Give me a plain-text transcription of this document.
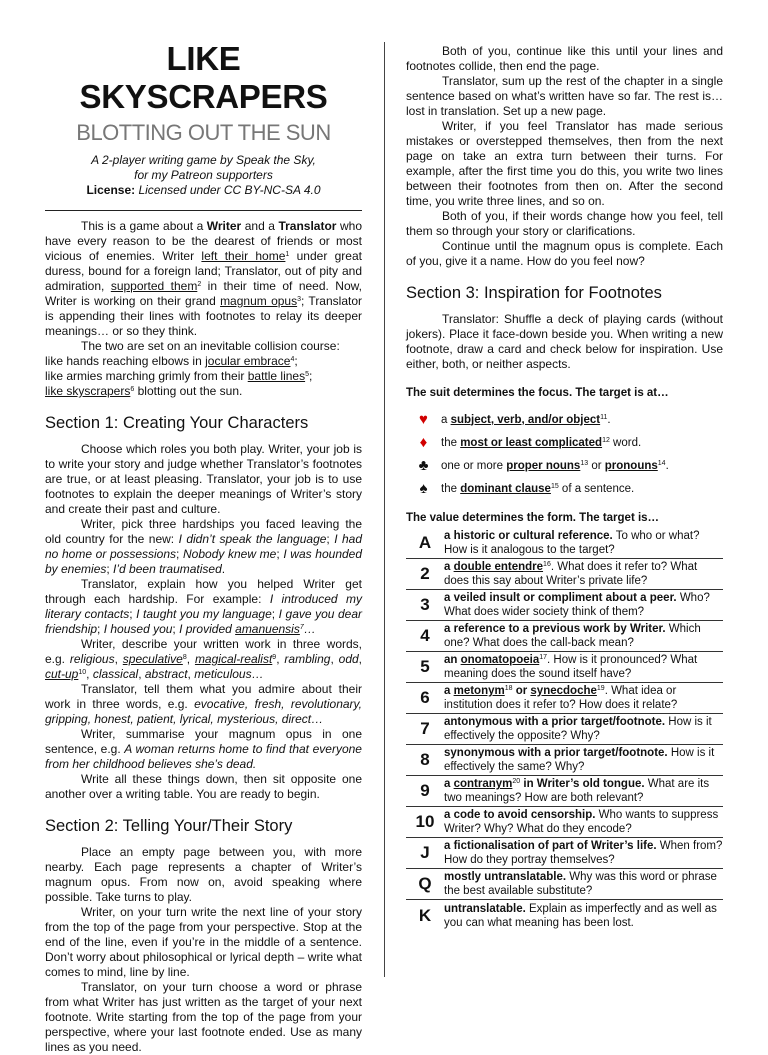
LIKE SKYSCRAPERS
BLOTTING OUT THE SUN
A 2-player writing game by Speak the Sky,
for my Patreon supporters
License: Licensed under CC BY-NC-SA 4.0

This is a game about a Writer and a Translator who have every reason to be the dearest of friends or most vicious of enemies. Writer left their home$^1$ under great duress, bound for a foreign land; Translator, out of pity and admiration, supported them$^2$ in their time of need. Now, Writer is working on their grand magnum opus$^3$; Translator is appending their lines with footnotes to relay its deeper meanings… or so they think.

The two are set on an inevitable collision course:

like hands reaching elbows in jocular embrace$^4$;

like armies marching grimly from their battle lines$^5$;

like skyscrapers$^6$ blotting out the sun.

Section 1: Creating Your Characters

Choose which roles you both play. Writer, your job is to write your story and judge whether Translator’s footnotes are true, or at least pleasing. Translator, your job is to use footnotes to explain the deeper meanings of Writer’s story and create their past and culture.

Writer, pick three hardships you faced leaving the old country for the new: I didn’t speak the language; I had no home or possessions; Nobody knew me; I was hounded by enemies; I’d been traumatised.

Translator, explain how you helped Writer get through each hardship. For example: I introduced my literary contacts; I taught you my language; I gave you dear friendship; I housed you; I provided amanuensis$^7$…

Writer, describe your written work in three words, e.g. religious, speculative$^8$, magical-realist$^9$, rambling, odd, cut-$up^{10}$, classical, abstract, meticulous…

Translator, tell them what you admire about their work in three words, e.g. evocative, fresh, revolutionary, gripping, honest, patient, lyrical, mysterious, direct…

Writer, summarise your magnum opus in one sentence, e.g. A woman returns home to find that everyone from her childhood believes she’s dead.

Write all these things down, then sit opposite one another over a writing table. You are ready to begin.

Section 2: Telling Your/Their Story

Place an empty page between you, with more nearby. Each page represents a chapter of Writer’s magnum opus. From now on, avoid speaking where possible. Take turns to play.

Writer, on your turn write the next line of your story from the top of the page from your perspective. Stop at the end of the line, even if you’re in the middle of a sentence. Don’t worry about philosophical or lyrical depth – write what comes to mind, line by line.

Translator, on your turn choose a word or phrase from what Writer has just written as the target of your next footnote. Write starting from the top of the page from your perspective, where your last footnote ended. Use as many lines as you need.

Both of you, continue like this until your lines and footnotes collide, then end the page.

Translator, sum up the rest of the chapter in a single sentence based on what’s written have so far. The rest is… lost in translation. Set up a new page.

Writer, if you feel Translator has made serious mistakes or overstepped themselves, then from the next page on take an extra turn between their turns. For example, after the first time you do this, you write two lines between their footnotes from then on. After the second time, you write three lines, and so on.

Both of you, if their words change how you feel, tell them so through your story or clarifications.

Continue until the magnum opus is complete. Each of you, give it a name. How do you feel now?

Section 3: Inspiration for Footnotes

Translator: Shuffle a deck of playing cards (without jokers). Place it face-down beside you. When writing a new footnote, draw a card and check below for inspiration. Use either, both, or neither aspects.

The suit determines the focus. The target is at…
♥	a subject, verb, and/or object$^{11}$.
♦	the most or least complicated$^{12}$ word.
♣	one or more proper nouns$^{13}$ or pronouns$^{14}$.
♠	the dominant clause$^{15}$ of a sentence.
The value determines the form. The target is…
A	a historic or cultural reference. To who or what? How is it analogous to the target?
2	a double entendre$^{16}$. What does it refer to? What does this say about Writer’s private life?
3	a veiled insult or compliment about a peer. Who? What does wider society think of them?
4	a reference to a previous work by Writer. Which one? What does the call-back mean?
5	an onomatopoeia$^{17}$. How is it pronounced? What meaning does the sound itself have?
6	a metonym$^{18}$ or synecdoche$^{19}$. What idea or institution does it refer to? How does it relate?
7	antonymous with a prior target/footnote. How is it effectively the opposite? Why?
8	synonymous with a prior target/footnote. How is it effectively the same? Why?
9	a contranym$^{20}$ in Writer’s old tongue. What are its two meanings? How are both relevant?
10 a code to avoid censorship. Who wants to suppress Writer? Why? What do they encode?
J	a fictionalisation of part of Writer’s life. When from? How do they portray themselves?
Q	mostly untranslatable. Why was this word or phrase the best available substitute?
K	untranslatable. Explain as imperfectly and as well as you can what meaning has been lost.
